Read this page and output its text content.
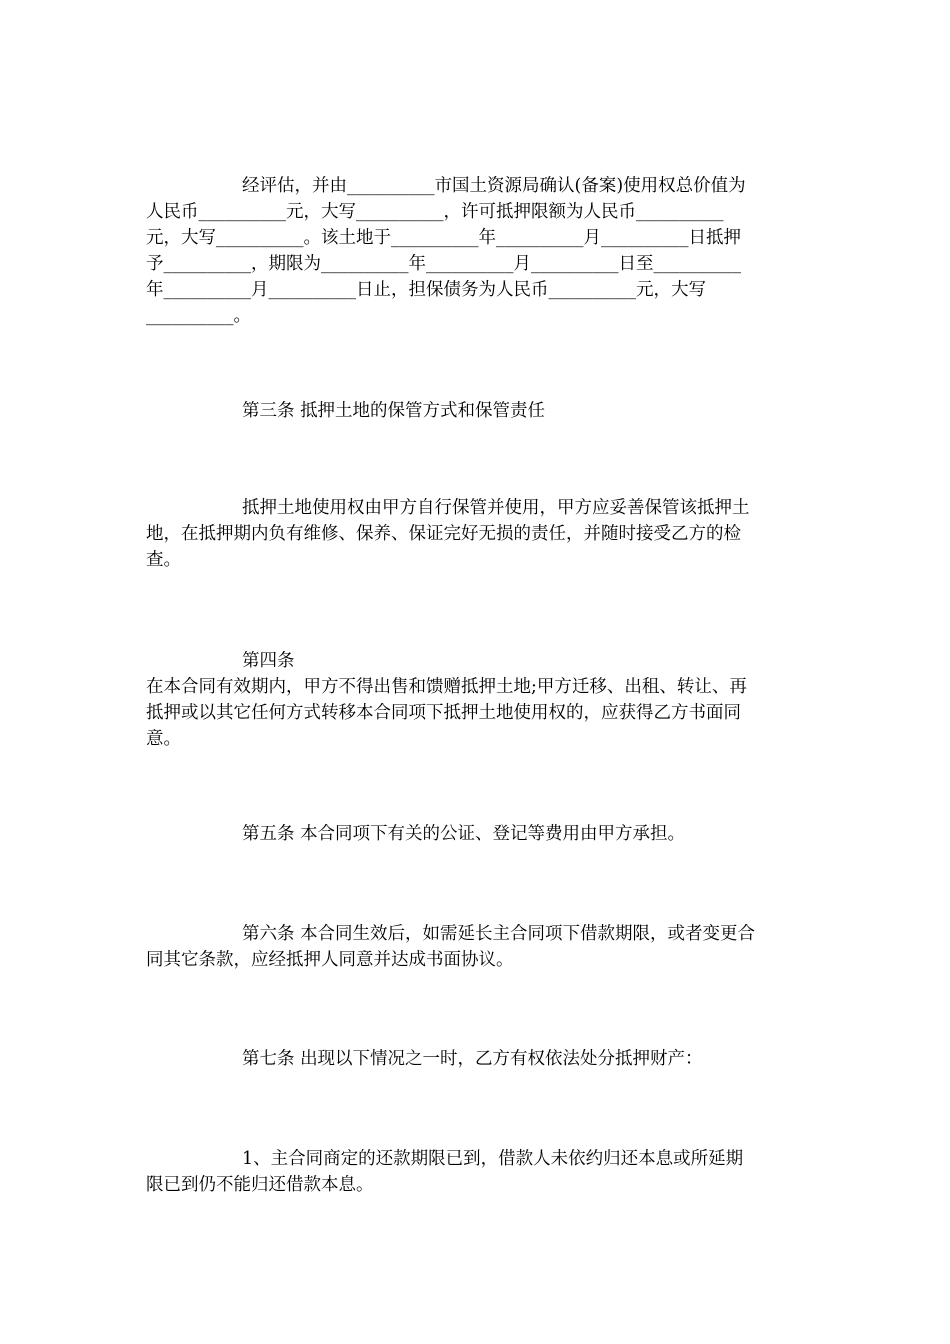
经评估，并由__________市国土资源局确认(备案)使用权总价值为
人民币__________元，大写__________，许可抵押限额为人民币__________
元，大写__________。该土地于__________年__________月__________日抵押
予__________，期限为__________年__________月__________日至__________
年__________月__________日止，担保债务为人民币__________元，大写
__________。

第三条 抵押土地的保管方式和保管责任

抵押土地使用权由甲方自行保管并使用，甲方应妥善保管该抵押土
地，在抵押期内负有维修、保养、保证完好无损的责任，并随时接受乙方的检
查。

第四条
在本合同有效期内，甲方不得出售和馈赠抵押土地;甲方迁移、出租、转让、再
抵押或以其它任何方式转移本合同项下抵押土地使用权的，应获得乙方书面同
意。

第五条 本合同项下有关的公证、登记等费用由甲方承担。

第六条 本合同生效后，如需延长主合同项下借款期限，或者变更合
同其它条款，应经抵押人同意并达成书面协议。

第七条 出现以下情况之一时，乙方有权依法处分抵押财产：

1、主合同商定的还款期限已到，借款人未依约归还本息或所延期
限已到仍不能归还借款本息。
